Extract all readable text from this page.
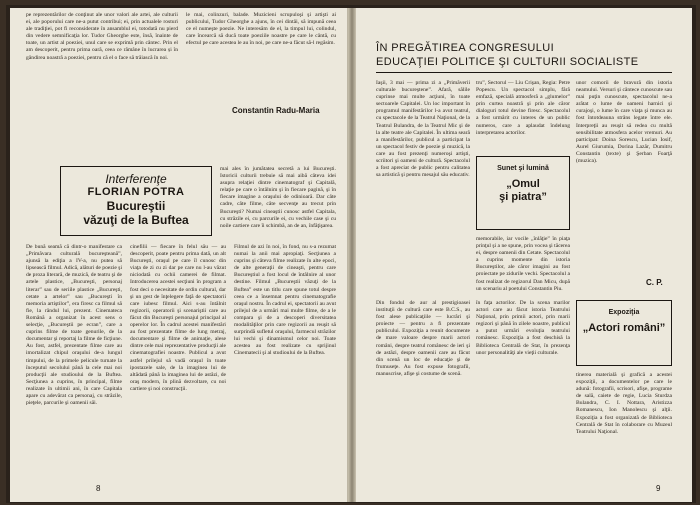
pe reprezentărilor de conţinut ale unor valori ale artei, ale culturii ei, ale poporului care ne-a putut contribui; ei, prin actualele rosturi ale tradiţiei, pot fi reconsiderate în ansamblul ei, totodată nu pierd din vedere semnificaţia lor. Tudor Gheorghe este, însă, înainte de toate, un artist al poeziei, unul care se exprimă prin cântec. Prin el am descoperit, pentru prima oară, ceea ce rămâne în lucrarea și în gândirea noastră a poeziei, pentru că el o face să trăiască în noi.
le mai, colinzuri, balade. Muzicieni scrupuloşi şi artişti ai publicului, Tudor Gheorghe a ajuns, în cei dintâi, să impună ceea ce el numeşte poezie. Ne interesăm de el, la timpul lui, colindul, care încearcă să ducă toate poeziile noastre pe care le cântă, cu efectul pe care acestea le au în noi, pe care ne-a făcut să-l regăsim.
Constantin Radu-Maria
Interferenţe
FLORIAN POTRA
Bucureştii
văzuţi de la Buftea
mai ales în jumătatea secretă a lui București. Istoricii culturii trebuie să mai aibă câteva idei asupra relaţiei dintre cinematograf şi Capitală, relaţie pe care o întâlnim şi în fiecare pagină, şi în fiecare imagine a oraşului de odinioară. Dar câte cadre, câte filme, câte secvenţe au trecut prin Bucureşti? Numai cineaştii cunosc astfel Capitala, cu străzile ei, cu parcurile ei, cu vechile case şi cu noile cartiere care îi schimbă, an de an, înfăţişarea.
De bună seamă că dintr-o manifestare ca „Primăvara culturală bucureşteană”, ajunsă la ediţia a IV-a, nu putea să lipsească filmul. Adică, alături de poezie şi de proza literară, de muzică, de teatru şi de artele plastice, „Bucureşti, personaj literar” sau de seriile plastice „Bucureşti, cetate a artelor” sau „Bucureşti în memoria artiştilor”, era firesc ca filmul să fie, la rândul lui, prezent. Cinemateca Română a organizat în acest sens o selecţie, „Bucureştii pe ecran”, care a cuprins filme de toate genurile, de la documentar şi reportaj la filme de ficţiune. Au fost, astfel, prezentate filme care au imortalizat chipul oraşului de-a lungul timpului, de la primele pelicule turnate la începutul secolului până la cele mai noi producţii ale studioului de la Buftea. Secţiunea a cuprins, în principal, filme realizate în ultimii ani, în care Capitala apare cu adevărat ca personaj, cu străzile, pieţele, parcurile şi oamenii săi.
cinefilii — fiecare în felul său — au descoperit, poate pentru prima dată, un alt Bucureşti, oraşul pe care îl cunosc din viaţa de zi cu zi dar pe care nu l-au văzut niciodată cu ochii camerei de filmat. Introducerea acestei secţiuni în program a fost deci o necesitate de ordin cultural, dar şi un gest de înţelegere faţă de spectatorii care iubesc filmul. Aici s-au întâlnit regizorii, operatorii şi scenariştii care au făcut din Bucureşti personajul principal al operelor lor. În cadrul acestei manifestări au fost prezentate filme de lung metraj, documentare şi filme de animaţie, alese dintre cele mai reprezentative producţii ale cinematografiei noastre. Publicul a avut astfel prilejul să vadă oraşul în toate ipostazele sale, de la imaginea lui de altădată până la imaginea lui de astăzi, de oraş modern, în plină dezvoltare, cu noi cartiere şi noi construcţii.
Filmul de azi în noi, în fond, nu s-a rezumat numai la anii mai apropiaţi. Secţiunea a cuprins şi câteva filme realizate în alte epoci, de alte generaţii de cineaşti, pentru care Bucureştiul a fost locul de întâlnire al unor destine. Filmul „Bucureştii văzuţi de la Buftea” este un titlu care spune totul despre ceea ce a însemnat pentru cinematografie oraşul nostru. În cadrul ei, spectatorii au avut prilejul de a urmări mai multe filme, de a le compara şi de a descoperi diversitatea modalităţilor prin care regizorii au reuşit să surprindă sufletul oraşului, farmecul străzilor lui vechi şi dinamismul celor noi. Toate acestea au fost realizate cu sprijinul Cinematecii şi al studioului de la Buftea.
8
ÎN PREGĂTIREA CONGRESULUI
EDUCAŢIEI POLITICE ŞI CULTURII SOCIALISTE
Iaşii, 3 mai — prima zi a „Primăverii culturale bucureştene”. Afară, sălile cuprinse mai multe acţiuni, în toate sectoarele Capitalei. Un loc important în programul manifestărilor l-a avut teatrul, cu spectacole de la Teatrul Naţional, de la Teatrul Bulandra, de la Teatrul Mic şi de la alte teatre ale Capitalei. În ultima seară a manifestărilor, publicul a participat la un spectacol festiv de poezie şi muzică, la care au fost prezenţi numeroşi artişti, scriitori şi oameni de cultură. Spectacolul a fost apreciat de public pentru calitatea sa artistică şi pentru mesajul său educativ.
tru”, Sectorul — Liu Crişan, Regia: Petre Popescu. Un spectacol simplu, fără emfază, specială atmosferă a „glumelor” prin curtea noastră şi prin ale căror dialoguri totul devine firesc. Spectacolul a fost urmărit cu interes de un public numeros, care a aplaudat îndelung interpretarea actorilor.
unor comorii de bravură din istoria neamului. Versuri şi cântece cunoscute sau mai puţin cunoscute, spectacolul ne-a arătat o lume de oameni harnici şi curajoşi, o lume în care viaţa şi munca au fost întotdeauna strâns legate între ele. Interpreţii au reuşit să redea cu multă sensibilitate atmosfera acelor vremuri. Au participat: Doina Sorescu, Lucian Iosif, Aurel Giurumia, Dorina Lazăr, Dumitru Constantin (texte) şi Şerban Foarţă (muzica).
Sunet şi lumină
„Omul
şi piatra”
memorabile, iar vocile „înlăţie” în piaţa prinţul şi a ne spune, prin vocea şi tăcerea ei, despre oamenii din Cetate. Spectacolul a cuprins momente din istoria Bucureştilor, ale căror imagini au fost proiectate pe zidurile vechi. Spectacolul a fost realizat de regizorul Dan Micu, după un scenariu al poetului Constantin Piu.
C. P.
Din fondul de aur al prestigioasei instituţii de cultură care este B.C.S., au fost alese publicaţiile — lucrări şi proiecte — pentru a fi prezentate publicului. Expoziţia a reunit documente de mare valoare despre marii actori români, despre teatrul românesc de ieri şi de astăzi, despre oamenii care au făcut din scenă un loc de educaţie şi de frumuseţe. Au fost expuse fotografii, manuscrise, afişe şi costume de scenă.
în faţa actorilor. De la scena marilor actori care au făcut istoria Teatrului Naţional, prin primii actori, prin marii regizori şi până în zilele noastre, publicul a putut urmări evoluţia teatrului românesc. Expoziţia a fost deschisă la Biblioteca Centrală de Stat, în prezenţa unor personalităţi ale vieţii culturale.
Expoziţia
„Actori români”
tinerea materială şi grafică a acestei expoziţii, a documentelor pe care le adună: fotografii, scrisori, afişe, programe de sală, caiete de regie, Lucia Sturdza Bulandra, C. I. Nottara, Aristizza Romanescu, Ion Manolescu şi alţii. Expoziţia a fost organizată de Biblioteca Centrală de Stat în colaborare cu Muzeul Teatrului Naţional.
9
